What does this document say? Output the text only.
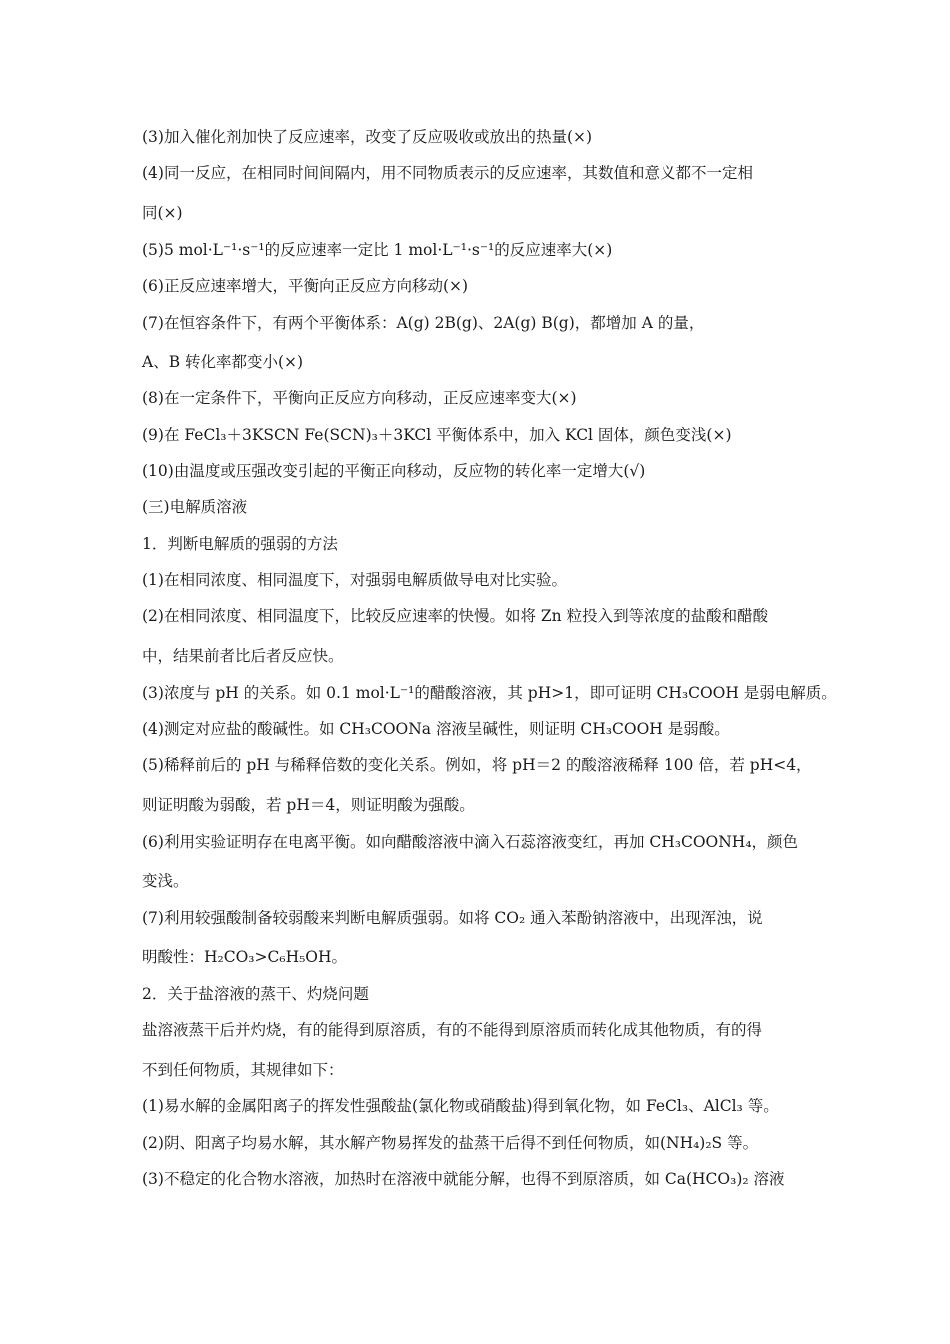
(3)加入催化剂加快了反应速率，改变了反应吸收或放出的热量(×)
(4)同一反应，在相同时间间隔内，用不同物质表示的反应速率，其数值和意义都不一定相
同(×)
(5)5 mol·L⁻¹·s⁻¹的反应速率一定比 1 mol·L⁻¹·s⁻¹的反应速率大(×)
(6)正反应速率增大，平衡向正反应方向移动(×)
(7)在恒容条件下，有两个平衡体系：A(g) 2B(g)、2A(g) B(g)，都增加 A 的量，
A、B 转化率都变小(×)
(8)在一定条件下，平衡向正反应方向移动，正反应速率变大(×)
(9)在 FeCl₃＋3KSCN Fe(SCN)₃＋3KCl 平衡体系中，加入 KCl 固体，颜色变浅(×)
(10)由温度或压强改变引起的平衡正向移动，反应物的转化率一定增大(√)
(三)电解质溶液
1．判断电解质的强弱的方法
(1)在相同浓度、相同温度下，对强弱电解质做导电对比实验。
(2)在相同浓度、相同温度下，比较反应速率的快慢。如将 Zn 粒投入到等浓度的盐酸和醋酸
中，结果前者比后者反应快。
(3)浓度与 pH 的关系。如 0.1 mol·L⁻¹的醋酸溶液，其 pH>1，即可证明 CH₃COOH 是弱电解质。
(4)测定对应盐的酸碱性。如 CH₃COONa 溶液呈碱性，则证明 CH₃COOH 是弱酸。
(5)稀释前后的 pH 与稀释倍数的变化关系。例如，将 pH＝2 的酸溶液稀释 100 倍，若 pH<4，
则证明酸为弱酸，若 pH＝4，则证明酸为强酸。
(6)利用实验证明存在电离平衡。如向醋酸溶液中滴入石蕊溶液变红，再加 CH₃COONH₄，颜色
变浅。
(7)利用较强酸制备较弱酸来判断电解质强弱。如将 CO₂ 通入苯酚钠溶液中，出现浑浊，说
明酸性：H₂CO₃>C₆H₅OH。
2．关于盐溶液的蒸干、灼烧问题
盐溶液蒸干后并灼烧，有的能得到原溶质，有的不能得到原溶质而转化成其他物质，有的得
不到任何物质，其规律如下：
(1)易水解的金属阳离子的挥发性强酸盐(氯化物或硝酸盐)得到氧化物，如 FeCl₃、AlCl₃ 等。
(2)阴、阳离子均易水解，其水解产物易挥发的盐蒸干后得不到任何物质，如(NH₄)₂S 等。
(3)不稳定的化合物水溶液，加热时在溶液中就能分解，也得不到原溶质，如 Ca(HCO₃)₂ 溶液
